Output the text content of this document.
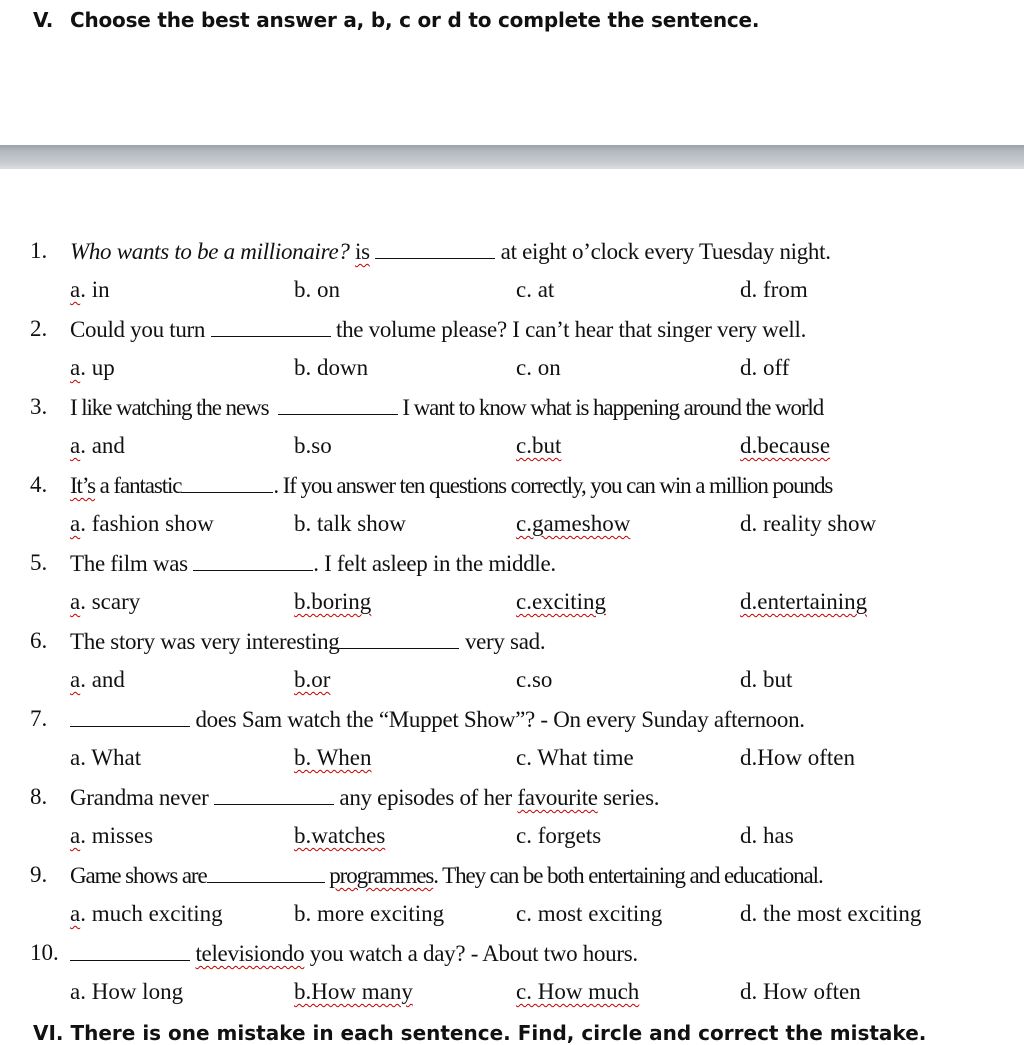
V. Choose the best answer a, b, c or d to complete the sentence.
1. Who wants to be a millionaire? is	at eight o’clock every Tuesday night.
a. in	b. on	c. at	d. from
2. Could you turn	the volume please? I can’t hear that singer very well.
a. up	b. down	c. on	d. off
3. I like watching the news	I want to know what is happening around the world
a. and	b.so	c.but	d.because
4. It’s a fantastic	. If you answer ten questions correctly, you can win a million pounds
a. fashion show	b. talk show	c.gameshow	d. reality show
5. The film was	. I felt asleep in the middle.
a. scary	b.boring	c.exciting	d.entertaining
6. The story was very interesting	very sad.
a. and	b.or	c.so	d. but
7.	does Sam watch the “Muppet Show”? - On every Sunday afternoon.
a. What	b. When	c. What time	d.How often
8. Grandma never	any episodes of her favourite series.
a. misses	b.watches	c. forgets	d. has
9. Game shows are	programmes. They can be both entertaining and educational.
a. much exciting	b. more exciting	c. most exciting	d. the most exciting
10.	televisiondo you watch a day? - About two hours.
a. How long	b.How many	c. How much	d. How often
VI. There is one mistake in each sentence. Find, circle and correct the mistake.
